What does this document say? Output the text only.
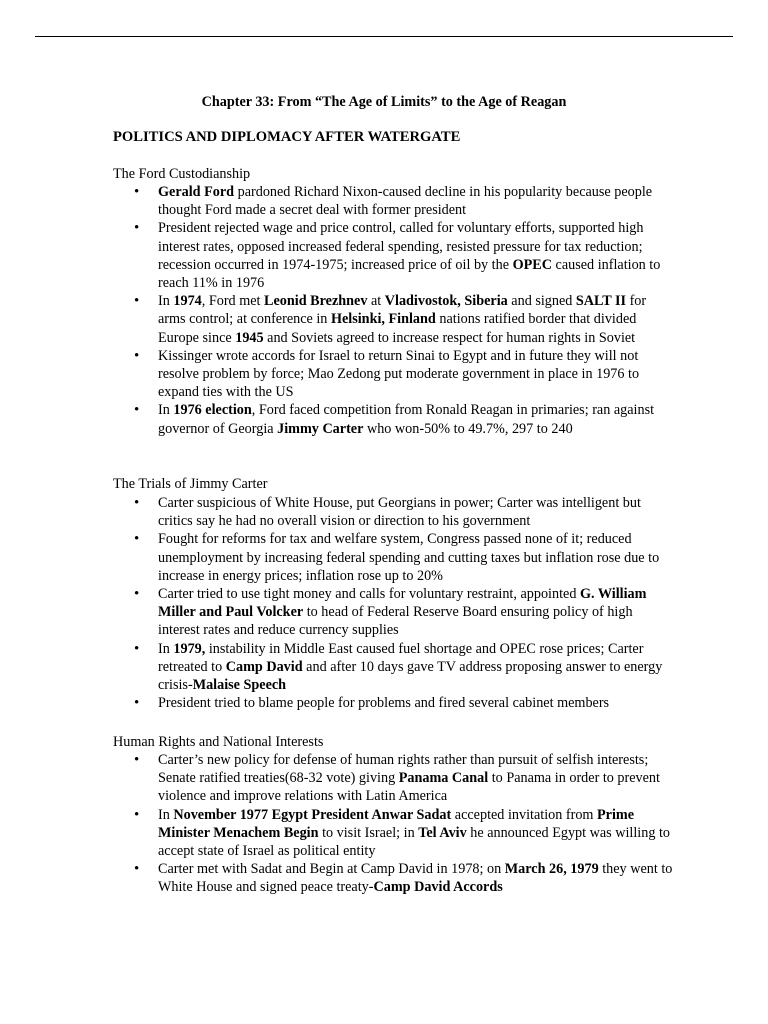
Chapter 33: From “The Age of Limits” to the Age of Reagan
POLITICS AND DIPLOMACY AFTER WATERGATE
The Ford Custodianship
• Gerald Ford pardoned Richard Nixon-caused decline in his popularity because people thought Ford made a secret deal with former president
• President rejected wage and price control, called for voluntary efforts, supported high interest rates, opposed increased federal spending, resisted pressure for tax reduction; recession occurred in 1974-1975; increased price of oil by the OPEC caused inflation to reach 11% in 1976
• In 1974, Ford met Leonid Brezhnev at Vladivostok, Siberia and signed SALT II for arms control; at conference in Helsinki, Finland nations ratified border that divided Europe since 1945 and Soviets agreed to increase respect for human rights in Soviet
• Kissinger wrote accords for Israel to return Sinai to Egypt and in future they will not resolve problem by force; Mao Zedong put moderate government in place in 1976 to expand ties with the US
• In 1976 election, Ford faced competition from Ronald Reagan in primaries; ran against governor of Georgia Jimmy Carter who won-50% to 49.7%, 297 to 240
The Trials of Jimmy Carter
• Carter suspicious of White House, put Georgians in power; Carter was intelligent but critics say he had no overall vision or direction to his government
• Fought for reforms for tax and welfare system, Congress passed none of it; reduced unemployment by increasing federal spending and cutting taxes but inflation rose due to increase in energy prices; inflation rose up to 20%
• Carter tried to use tight money and calls for voluntary restraint, appointed G. William Miller and Paul Volcker to head of Federal Reserve Board ensuring policy of high interest rates and reduce currency supplies
• In 1979, instability in Middle East caused fuel shortage and OPEC rose prices; Carter retreated to Camp David and after 10 days gave TV address proposing answer to energy crisis-Malaise Speech
• President tried to blame people for problems and fired several cabinet members
Human Rights and National Interests
• Carter’s new policy for defense of human rights rather than pursuit of selfish interests; Senate ratified treaties(68-32 vote) giving Panama Canal to Panama in order to prevent violence and improve relations with Latin America
• In November 1977 Egypt President Anwar Sadat accepted invitation from Prime Minister Menachem Begin to visit Israel; in Tel Aviv he announced Egypt was willing to accept state of Israel as political entity
• Carter met with Sadat and Begin at Camp David in 1978; on March 26, 1979 they went to White House and signed peace treaty-Camp David Accords
